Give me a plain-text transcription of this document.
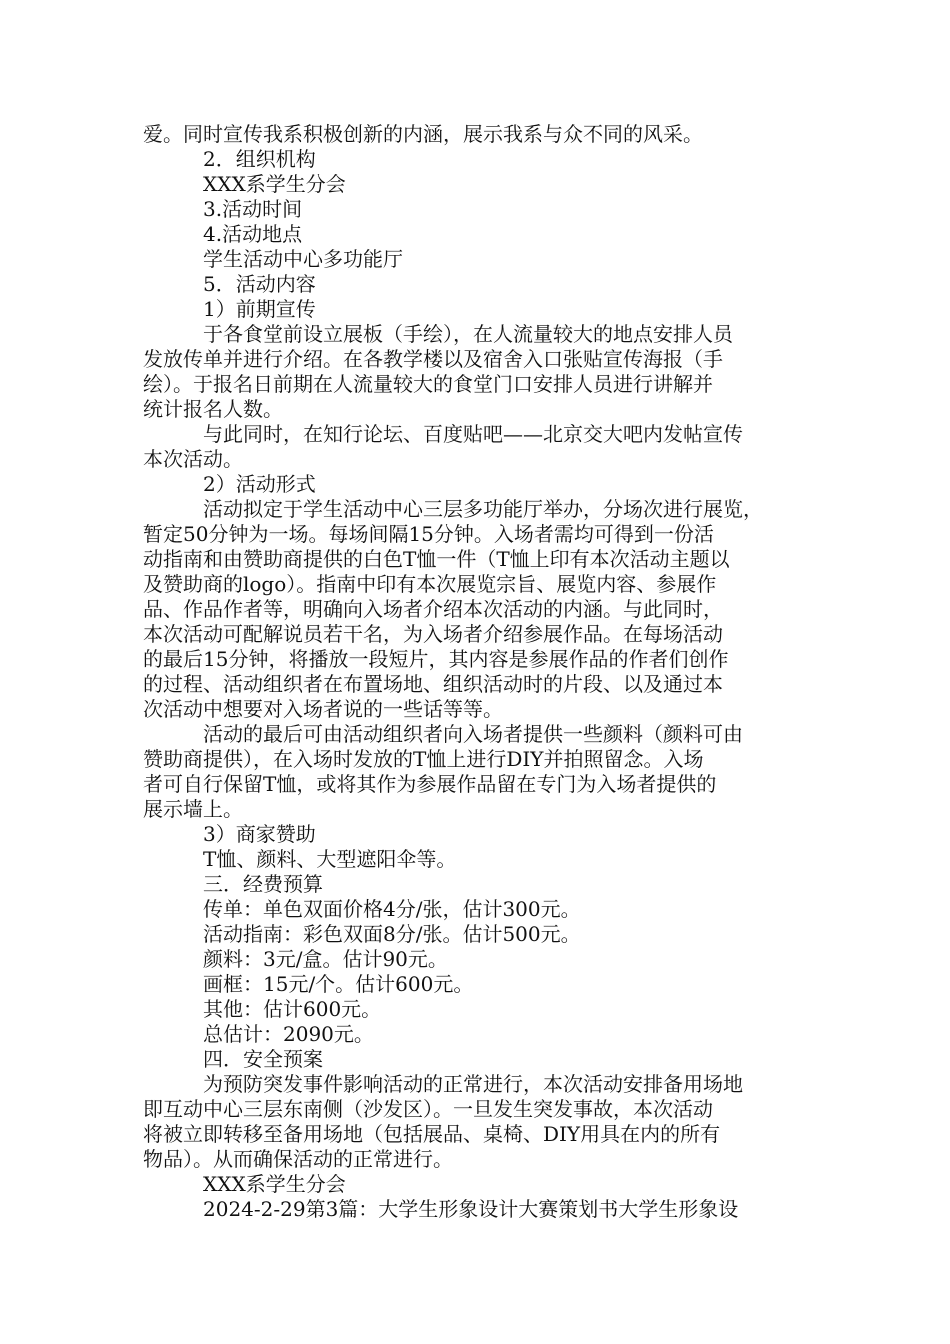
爱。同时宣传我系积极创新的内涵，展示我系与众不同的风采。
2．组织机构
XXX系学生分会
3.活动时间
4.活动地点
学生活动中心多功能厅
5．活动内容
1）前期宣传
于各食堂前设立展板（手绘），在人流量较大的地点安排人员
发放传单并进行介绍。在各教学楼以及宿舍入口张贴宣传海报（手
绘）。于报名日前期在人流量较大的食堂门口安排人员进行讲解并
统计报名人数。
与此同时，在知行论坛、百度贴吧——北京交大吧内发帖宣传
本次活动。
2）活动形式
活动拟定于学生活动中心三层多功能厅举办，分场次进行展览，
暂定50分钟为一场。每场间隔15分钟。入场者需均可得到一份活
动指南和由赞助商提供的白色T恤一件（T恤上印有本次活动主题以
及赞助商的logo）。指南中印有本次展览宗旨、展览内容、参展作
品、作品作者等，明确向入场者介绍本次活动的内涵。与此同时，
本次活动可配解说员若干名，为入场者介绍参展作品。在每场活动
的最后15分钟，将播放一段短片，其内容是参展作品的作者们创作
的过程、活动组织者在布置场地、组织活动时的片段、以及通过本
次活动中想要对入场者说的一些话等等。
活动的最后可由活动组织者向入场者提供一些颜料（颜料可由
赞助商提供），在入场时发放的T恤上进行DIY并拍照留念。入场
者可自行保留T恤，或将其作为参展作品留在专门为入场者提供的
展示墙上。
3）商家赞助
T恤、颜料、大型遮阳伞等。
三．经费预算
传单：单色双面价格4分/张，估计300元。
活动指南：彩色双面8分/张。估计500元。
颜料：3元/盒。估计90元。
画框：15元/个。估计600元。
其他：估计600元。
总估计：2090元。
四．安全预案
为预防突发事件影响活动的正常进行，本次活动安排备用场地
即互动中心三层东南侧（沙发区）。一旦发生突发事故，本次活动
将被立即转移至备用场地（包括展品、桌椅、DIY用具在内的所有
物品）。从而确保活动的正常进行。
XXX系学生分会
2024-2-29第3篇：大学生形象设计大赛策划书大学生形象设
